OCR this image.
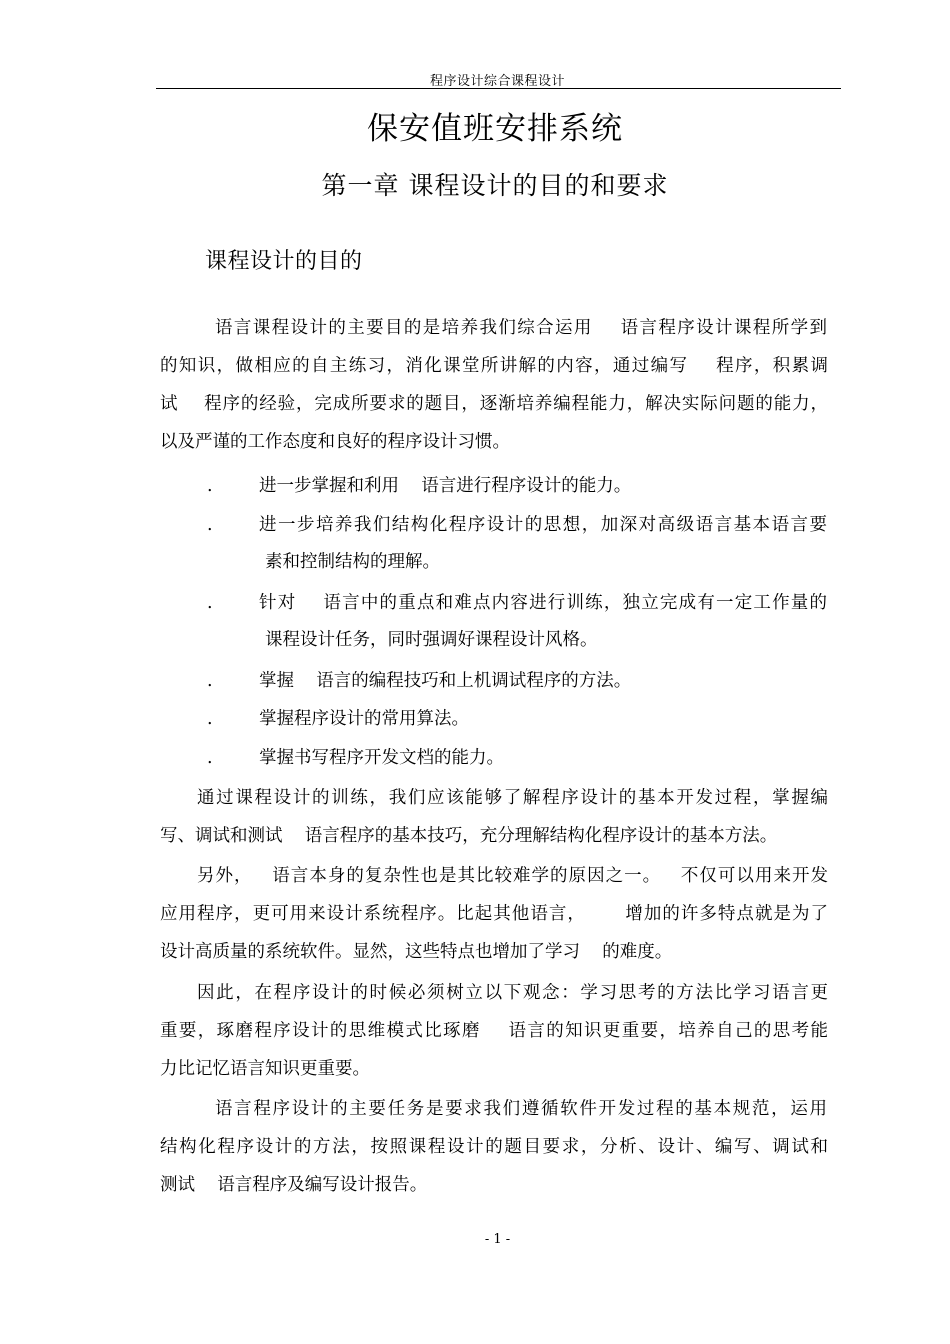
程序设计综合课程设计
保安值班安排系统
第一章 课程设计的目的和要求
课程设计的目的
语言课程设计的主要目的是培养我们综合运用    语言程序设计课程所学到
的知识，做相应的自主练习，消化课堂所讲解的内容，通过编写    程序，积累调
试    程序的经验，完成所要求的题目，逐渐培养编程能力，解决实际问题的能力，
以及严谨的工作态度和良好的程序设计习惯。
.	进一步掌握和利用    语言进行程序设计的能力。
.	进一步培养我们结构化程序设计的思想，加深对高级语言基本语言要
素和控制结构的理解。
.	针对    语言中的重点和难点内容进行训练，独立完成有一定工作量的
课程设计任务，同时强调好课程设计风格。
.	掌握    语言的编程技巧和上机调试程序的方法。
.	掌握程序设计的常用算法。
.	掌握书写程序开发文档的能力。
通过课程设计的训练，我们应该能够了解程序设计的基本开发过程，掌握编
写、调试和测试    语言程序的基本技巧，充分理解结构化程序设计的基本方法。
另外，   语言本身的复杂性也是其比较难学的原因之一。   不仅可以用来开发
应用程序，更可用来设计系统程序。比起其他语言，      增加的许多特点就是为了
设计高质量的系统软件。显然，这些特点也增加了学习    的难度。
因此，在程序设计的时候必须树立以下观念：学习思考的方法比学习语言更
重要，琢磨程序设计的思维模式比琢磨    语言的知识更重要，培养自己的思考能
力比记忆语言知识更重要。
语言程序设计的主要任务是要求我们遵循软件开发过程的基本规范，运用
结构化程序设计的方法，按照课程设计的题目要求，分析、设计、编写、调试和
测试    语言程序及编写设计报告。
- 1 -
